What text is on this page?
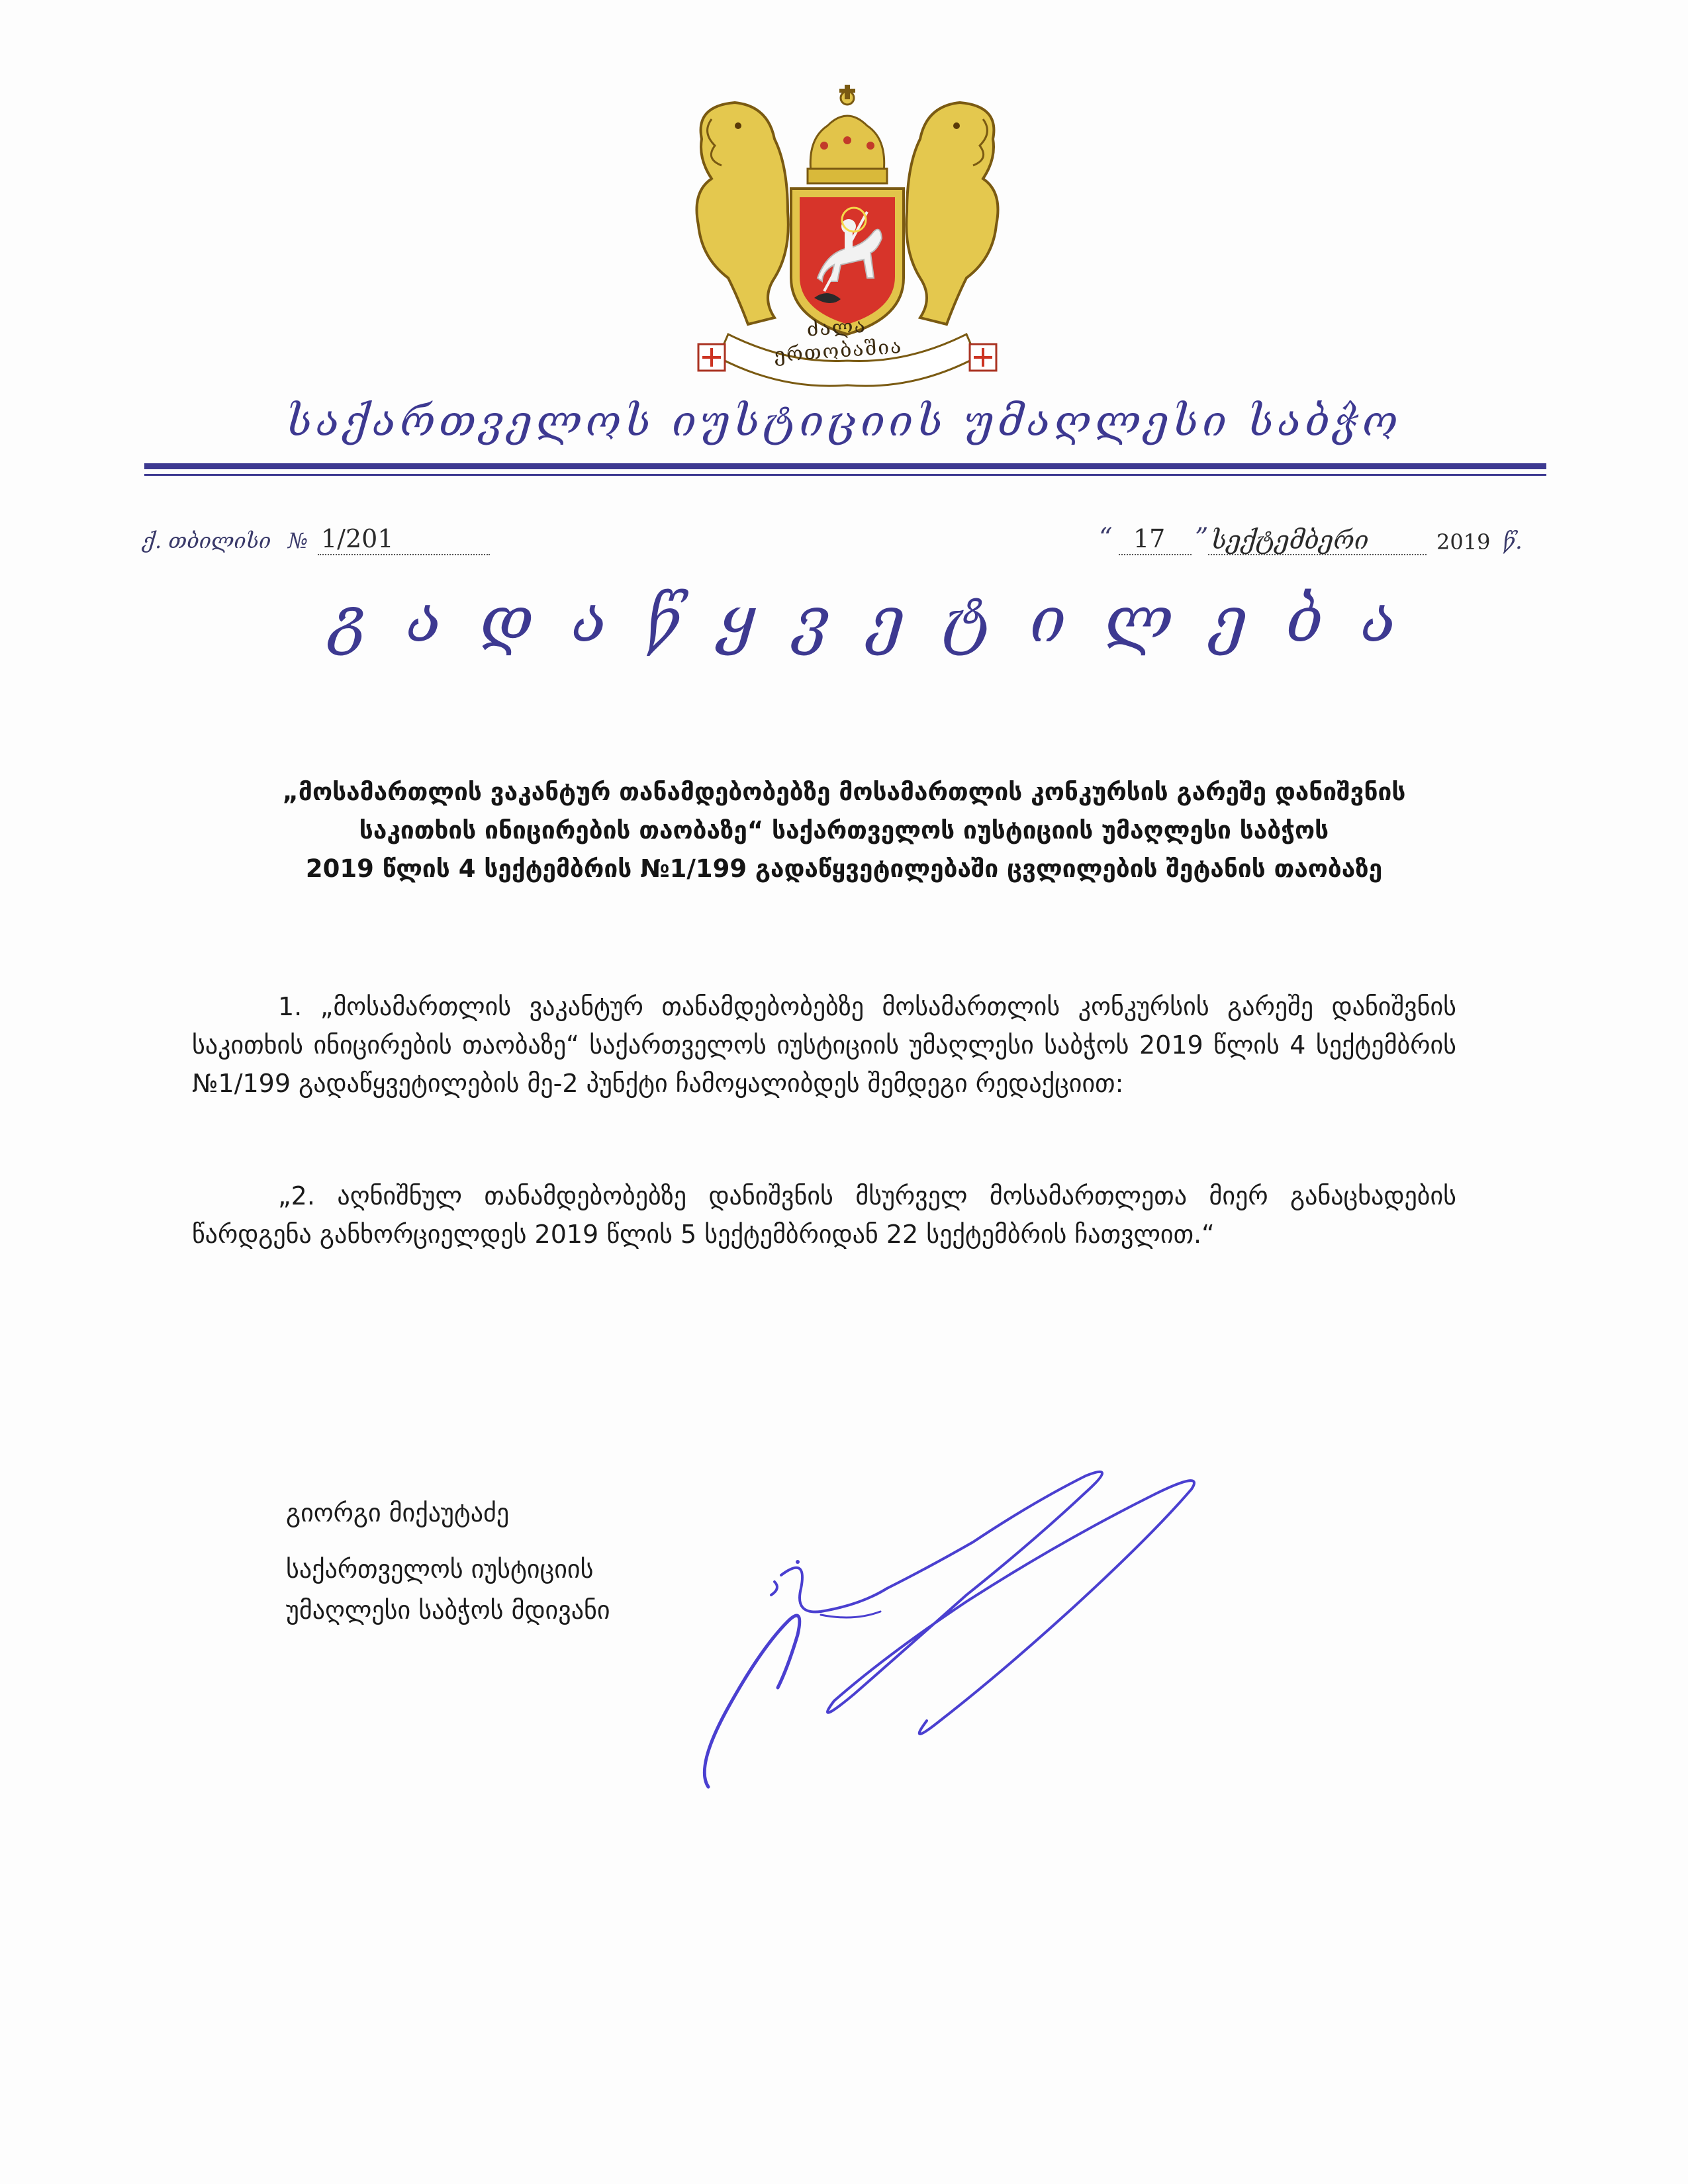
ძალა ერთობაშია
საქართველოს იუსტიციის უმაღლესი საბჭო
ქ. თბილისი № 1/201	“ 17 ” სექტემბერი	2019 წ.
გადაწყვეტილება
„მოსამართლის ვაკანტურ თანამდებობებზე მოსამართლის კონკურსის გარეშე დანიშვნის
საკითხის ინიცირების თაობაზე“ საქართველოს იუსტიციის უმაღლესი საბჭოს
2019 წლის 4 სექტემბრის №1/199 გადაწყვეტილებაში ცვლილების შეტანის თაობაზე
1. „მოსამართლის ვაკანტურ თანამდებობებზე მოსამართლის კონკურსის გარეშე დანიშვნის საკითხის ინიცირების თაობაზე“ საქართველოს იუსტიციის უმაღლესი საბჭოს 2019 წლის 4 სექტემბრის №1/199 გადაწყვეტილების მე-2 პუნქტი ჩამოყალიბდეს შემდეგი რედაქციით:
„2. აღნიშნულ თანამდებობებზე დანიშვნის მსურველ მოსამართლეთა მიერ განაცხადების წარდგენა განხორციელდეს 2019 წლის 5 სექტემბრიდან 22 სექტემბრის ჩათვლით.“
გიორგი მიქაუტაძე
საქართველოს იუსტიციის
უმაღლესი საბჭოს მდივანი
